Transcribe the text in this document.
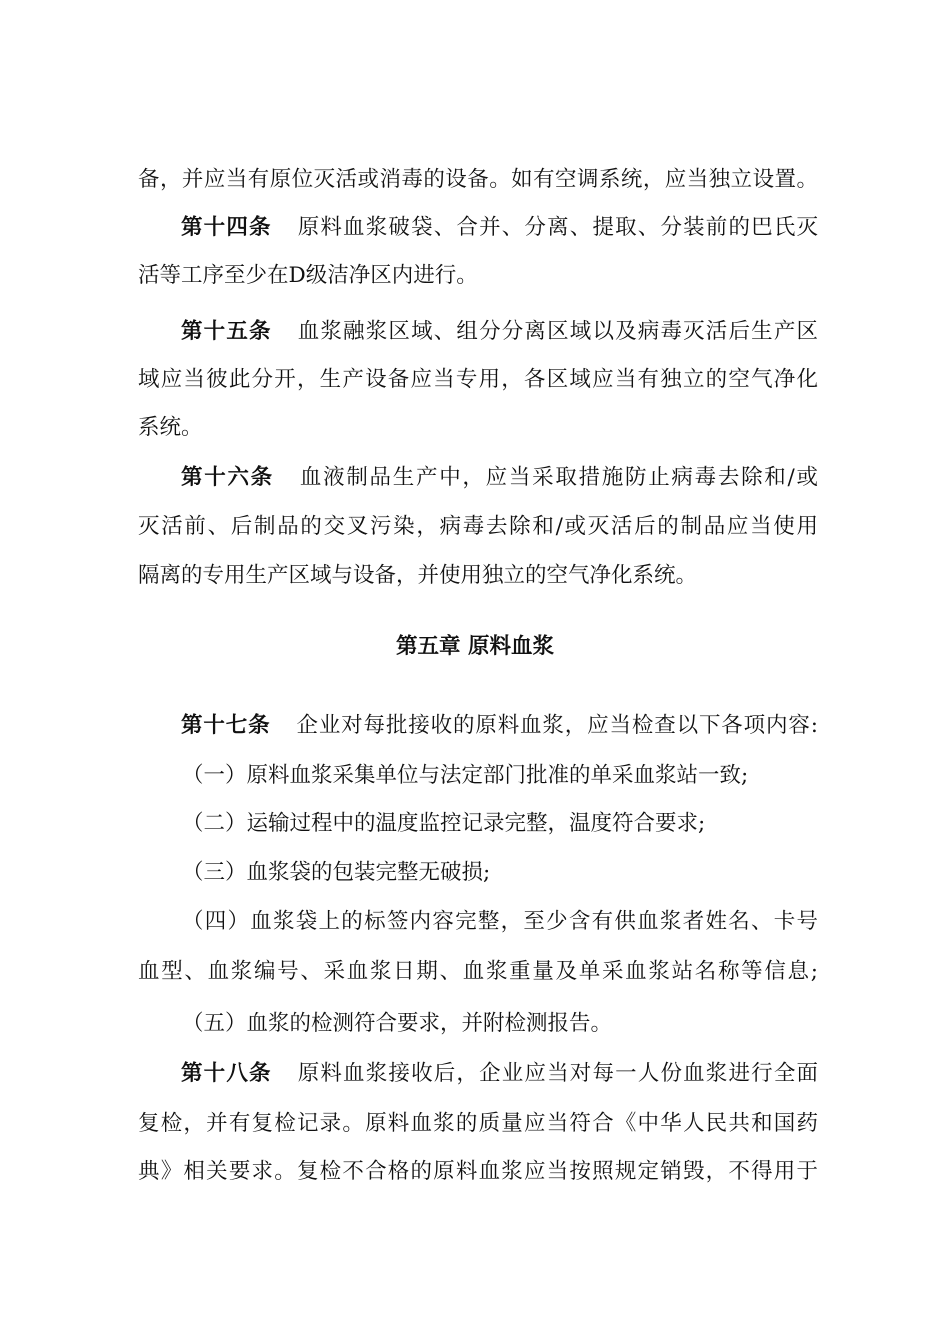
备，并应当有原位灭活或消毒的设备。如有空调系统，应当独立设置。
第十四条 原料血浆破袋、合并、分离、提取、分装前的巴氏灭
活等工序至少在D级洁净区内进行。
第十五条 血浆融浆区域、组分分离区域以及病毒灭活后生产区
域应当彼此分开，生产设备应当专用，各区域应当有独立的空气净化
系统。
第十六条 血液制品生产中，应当采取措施防止病毒去除和/或
灭活前、后制品的交叉污染，病毒去除和/或灭活后的制品应当使用
隔离的专用生产区域与设备，并使用独立的空气净化系统。
第五章 原料血浆
第十七条 企业对每批接收的原料血浆，应当检查以下各项内容:
（一）原料血浆采集单位与法定部门批准的单采血浆站一致;
（二）运输过程中的温度监控记录完整，温度符合要求;
（三）血浆袋的包装完整无破损;
（四）血浆袋上的标签内容完整，至少含有供血浆者姓名、卡号
血型、血浆编号、采血浆日期、血浆重量及单采血浆站名称等信息;
（五）血浆的检测符合要求，并附检测报告。
第十八条 原料血浆接收后，企业应当对每一人份血浆进行全面
复检，并有复检记录。原料血浆的质量应当符合《中华人民共和国药
典》相关要求。复检不合格的原料血浆应当按照规定销毁，不得用于
